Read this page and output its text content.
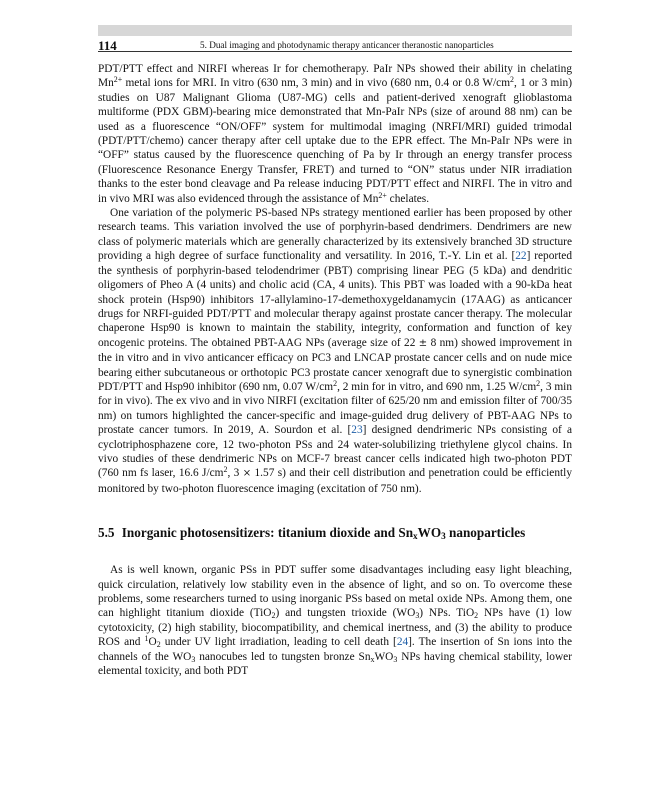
114	5. Dual imaging and photodynamic therapy anticancer theranostic nanoparticles

PDT/PTT effect and NIRFI whereas Ir for chemotherapy. PaIr NPs showed their ability in chelating $Mn^{2+}$ metal ions for MRI. In vitro (630 nm, 3 min) and in vivo (680 nm, 0.4 or 0.8 $W/cm^2$, 1 or 3 min) studies on U87 Malignant Glioma (U87-MG) cells and patient-derived xenograft glioblastoma multiforme (PDX GBM)-bearing mice demonstrated that Mn-PaIr NPs (size of around 88 nm) can be used as a fluorescence “ON/OFF” system for multimodal imaging (NRFI/MRI) guided trimodal (PDT/PTT/chemo) cancer therapy after cell uptake due to the EPR effect. The Mn-PaIr NPs were in “OFF” status caused by the fluorescence quenching of Pa by Ir through an energy transfer process (Fluorescence Resonance Energy Transfer, FRET) and turned to “ON” status under NIR irradiation thanks to the ester bond cleavage and Pa release inducing PDT/PTT effect and NIRFI. The in vitro and in vivo MRI was also evidenced through the assistance of $Mn^{2+}$ chelates.

One variation of the polymeric PS-based NPs strategy mentioned earlier has been proposed by other research teams. This variation involved the use of porphyrin-based dendrimers. Dendrimers are new class of polymeric materials which are generally characterized by its extensively branched 3D structure providing a high degree of surface functionality and versatility. In 2016, T.-Y. Lin et al. [22] reported the synthesis of porphyrin-based telodendrimer (PBT) comprising linear PEG (5 kDa) and dendritic oligomers of Pheo A (4 units) and cholic acid (CA, 4 units). This PBT was loaded with a 90-kDa heat shock protein (Hsp90) inhibitors 17-allylamino-17-demethoxygeldanamycin (17AAG) as anticancer drugs for NRFI-guided PDT/PTT and molecular therapy against prostate cancer therapy. The molecular chaperone Hsp90 is known to maintain the stability, integrity, conformation and function of key oncogenic proteins. The obtained PBT-AAG NPs (average size of 22 ± 8 nm) showed improvement in the in vitro and in vivo anticancer efficacy on PC3 and LNCAP prostate cancer cells and on nude mice bearing either subcutaneous or orthotopic PC3 prostate cancer xenograft due to synergistic combination PDT/PTT and Hsp90 inhibitor (690 nm, 0.07 $W/cm^2$, 2 min for in vitro, and 690 nm, 1.25 $W/cm^2$, 3 min for in vivo). The ex vivo and in vivo NIRFI (excitation filter of 625/20 nm and emission filter of 700/35 nm) on tumors highlighted the cancer-specific and image-guided drug delivery of PBT-AAG NPs to prostate cancer tumors. In 2019, A. Sourdon et al. [23] designed dendrimeric NPs consisting of a cyclotriphosphazene core, 12 two-photon PSs and 24 water-solubilizing triethylene glycol chains. In vivo studies of these dendrimeric NPs on MCF-7 breast cancer cells indicated high two-photon PDT (760 nm fs laser, 16.6 $J/cm^2$, 3 × 1.57 s) and their cell distribution and penetration could be efficiently monitored by two-photon fluorescence imaging (excitation of 750 nm).

5.5 Inorganic photosensitizers: titanium dioxide and $Sn_xWO_3$ nanoparticles

As is well known, organic PSs in PDT suffer some disadvantages including easy light bleaching, quick circulation, relatively low stability even in the absence of light, and so on. To overcome these problems, some researchers turned to using inorganic PSs based on metal oxide NPs. Among them, one can highlight titanium dioxide (TiO$_2$) and tungsten trioxide $(WO_3)$ NPs. TiO$_2$ NPs have (1) low cytotoxicity, (2) high stability, biocompatibility, and chemical inertness, and (3) the ability to produce ROS and $^1O_2$ under UV light irradiation, leading to cell death [24]. The insertion of Sn ions into the channels of the $WO_3$ nanocubes led to tungsten bronze $Sn_xWO_3$ NPs having chemical stability, lower elemental toxicity, and both PDT
